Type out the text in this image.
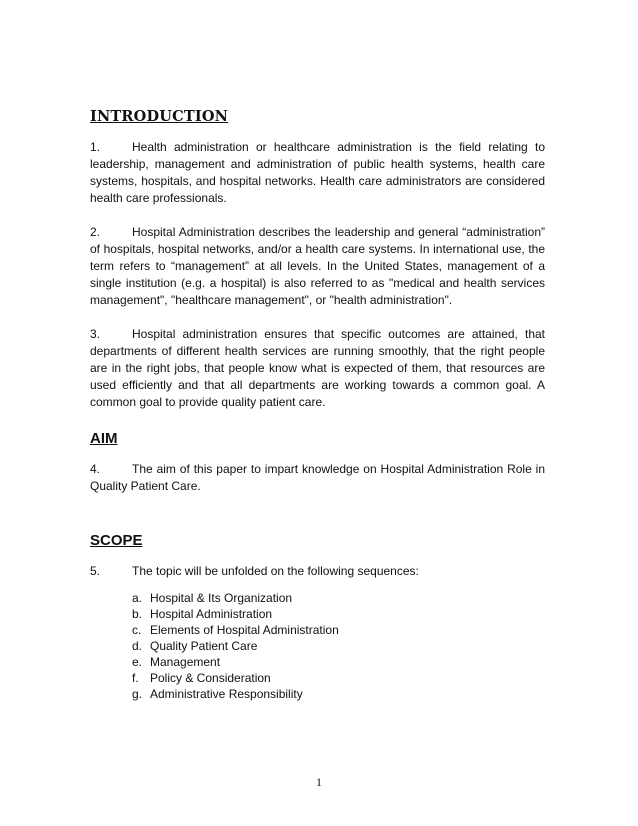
INTRODUCTION

1.	Health administration or healthcare administration is the field relating to leadership, management and administration of public health systems, health care systems, hospitals, and hospital networks. Health care administrators are considered health care professionals.

2.	Hospital Administration describes the leadership and general “administration” of hospitals, hospital networks, and/or a health care systems. In international use, the term refers to “management” at all levels. In the United States, management of a single institution (e.g. a hospital) is also referred to as "medical and health services management", "healthcare management", or "health administration".

3.	Hospital administration ensures that specific outcomes are attained, that departments of different health services are running smoothly, that the right people are in the right jobs, that people know what is expected of them, that resources are used efficiently and that all departments are working towards a common goal. A common goal to provide quality patient care.

AIM

4.	The aim of this paper to impart knowledge on Hospital Administration Role in Quality Patient Care.

SCOPE
5.	The topic will be unfolded on the following sequences:
a. Hospital & Its Organization
b. Hospital Administration
c. Elements of Hospital Administration
d. Quality Patient Care
e. Management
f. Policy & Consideration
g. Administrative Responsibility
1
